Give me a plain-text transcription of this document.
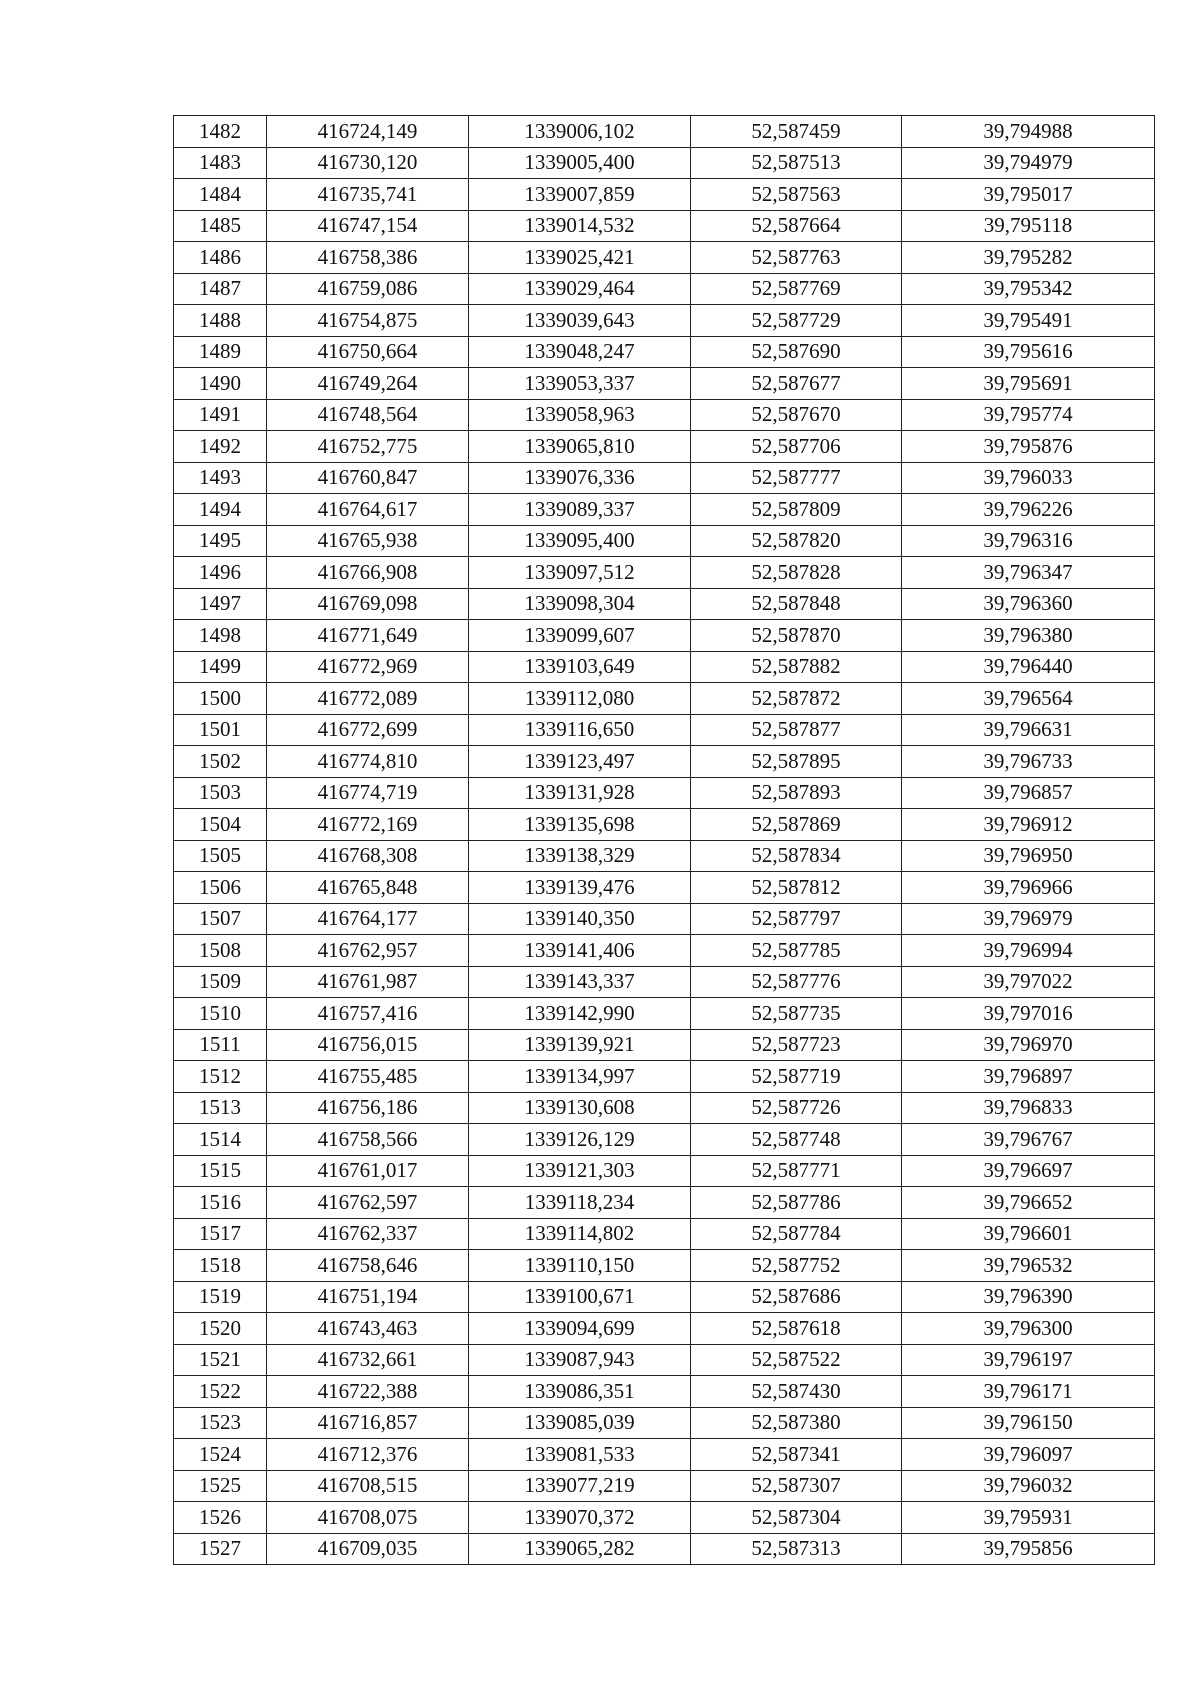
1482	416724,149	1339006,102	52,587459	39,794988
1483	416730,120	1339005,400	52,587513	39,794979
1484	416735,741	1339007,859	52,587563	39,795017
1485	416747,154	1339014,532	52,587664	39,795118
1486	416758,386	1339025,421	52,587763	39,795282
1487	416759,086	1339029,464	52,587769	39,795342
1488	416754,875	1339039,643	52,587729	39,795491
1489	416750,664	1339048,247	52,587690	39,795616
1490	416749,264	1339053,337	52,587677	39,795691
1491	416748,564	1339058,963	52,587670	39,795774
1492	416752,775	1339065,810	52,587706	39,795876
1493	416760,847	1339076,336	52,587777	39,796033
1494	416764,617	1339089,337	52,587809	39,796226
1495	416765,938	1339095,400	52,587820	39,796316
1496	416766,908	1339097,512	52,587828	39,796347
1497	416769,098	1339098,304	52,587848	39,796360
1498	416771,649	1339099,607	52,587870	39,796380
1499	416772,969	1339103,649	52,587882	39,796440
1500	416772,089	1339112,080	52,587872	39,796564
1501	416772,699	1339116,650	52,587877	39,796631
1502	416774,810	1339123,497	52,587895	39,796733
1503	416774,719	1339131,928	52,587893	39,796857
1504	416772,169	1339135,698	52,587869	39,796912
1505	416768,308	1339138,329	52,587834	39,796950
1506	416765,848	1339139,476	52,587812	39,796966
1507	416764,177	1339140,350	52,587797	39,796979
1508	416762,957	1339141,406	52,587785	39,796994
1509	416761,987	1339143,337	52,587776	39,797022
1510	416757,416	1339142,990	52,587735	39,797016
1511	416756,015	1339139,921	52,587723	39,796970
1512	416755,485	1339134,997	52,587719	39,796897
1513	416756,186	1339130,608	52,587726	39,796833
1514	416758,566	1339126,129	52,587748	39,796767
1515	416761,017	1339121,303	52,587771	39,796697
1516	416762,597	1339118,234	52,587786	39,796652
1517	416762,337	1339114,802	52,587784	39,796601
1518	416758,646	1339110,150	52,587752	39,796532
1519	416751,194	1339100,671	52,587686	39,796390
1520	416743,463	1339094,699	52,587618	39,796300
1521	416732,661	1339087,943	52,587522	39,796197
1522	416722,388	1339086,351	52,587430	39,796171
1523	416716,857	1339085,039	52,587380	39,796150
1524	416712,376	1339081,533	52,587341	39,796097
1525	416708,515	1339077,219	52,587307	39,796032
1526	416708,075	1339070,372	52,587304	39,795931
1527	416709,035	1339065,282	52,587313	39,795856
